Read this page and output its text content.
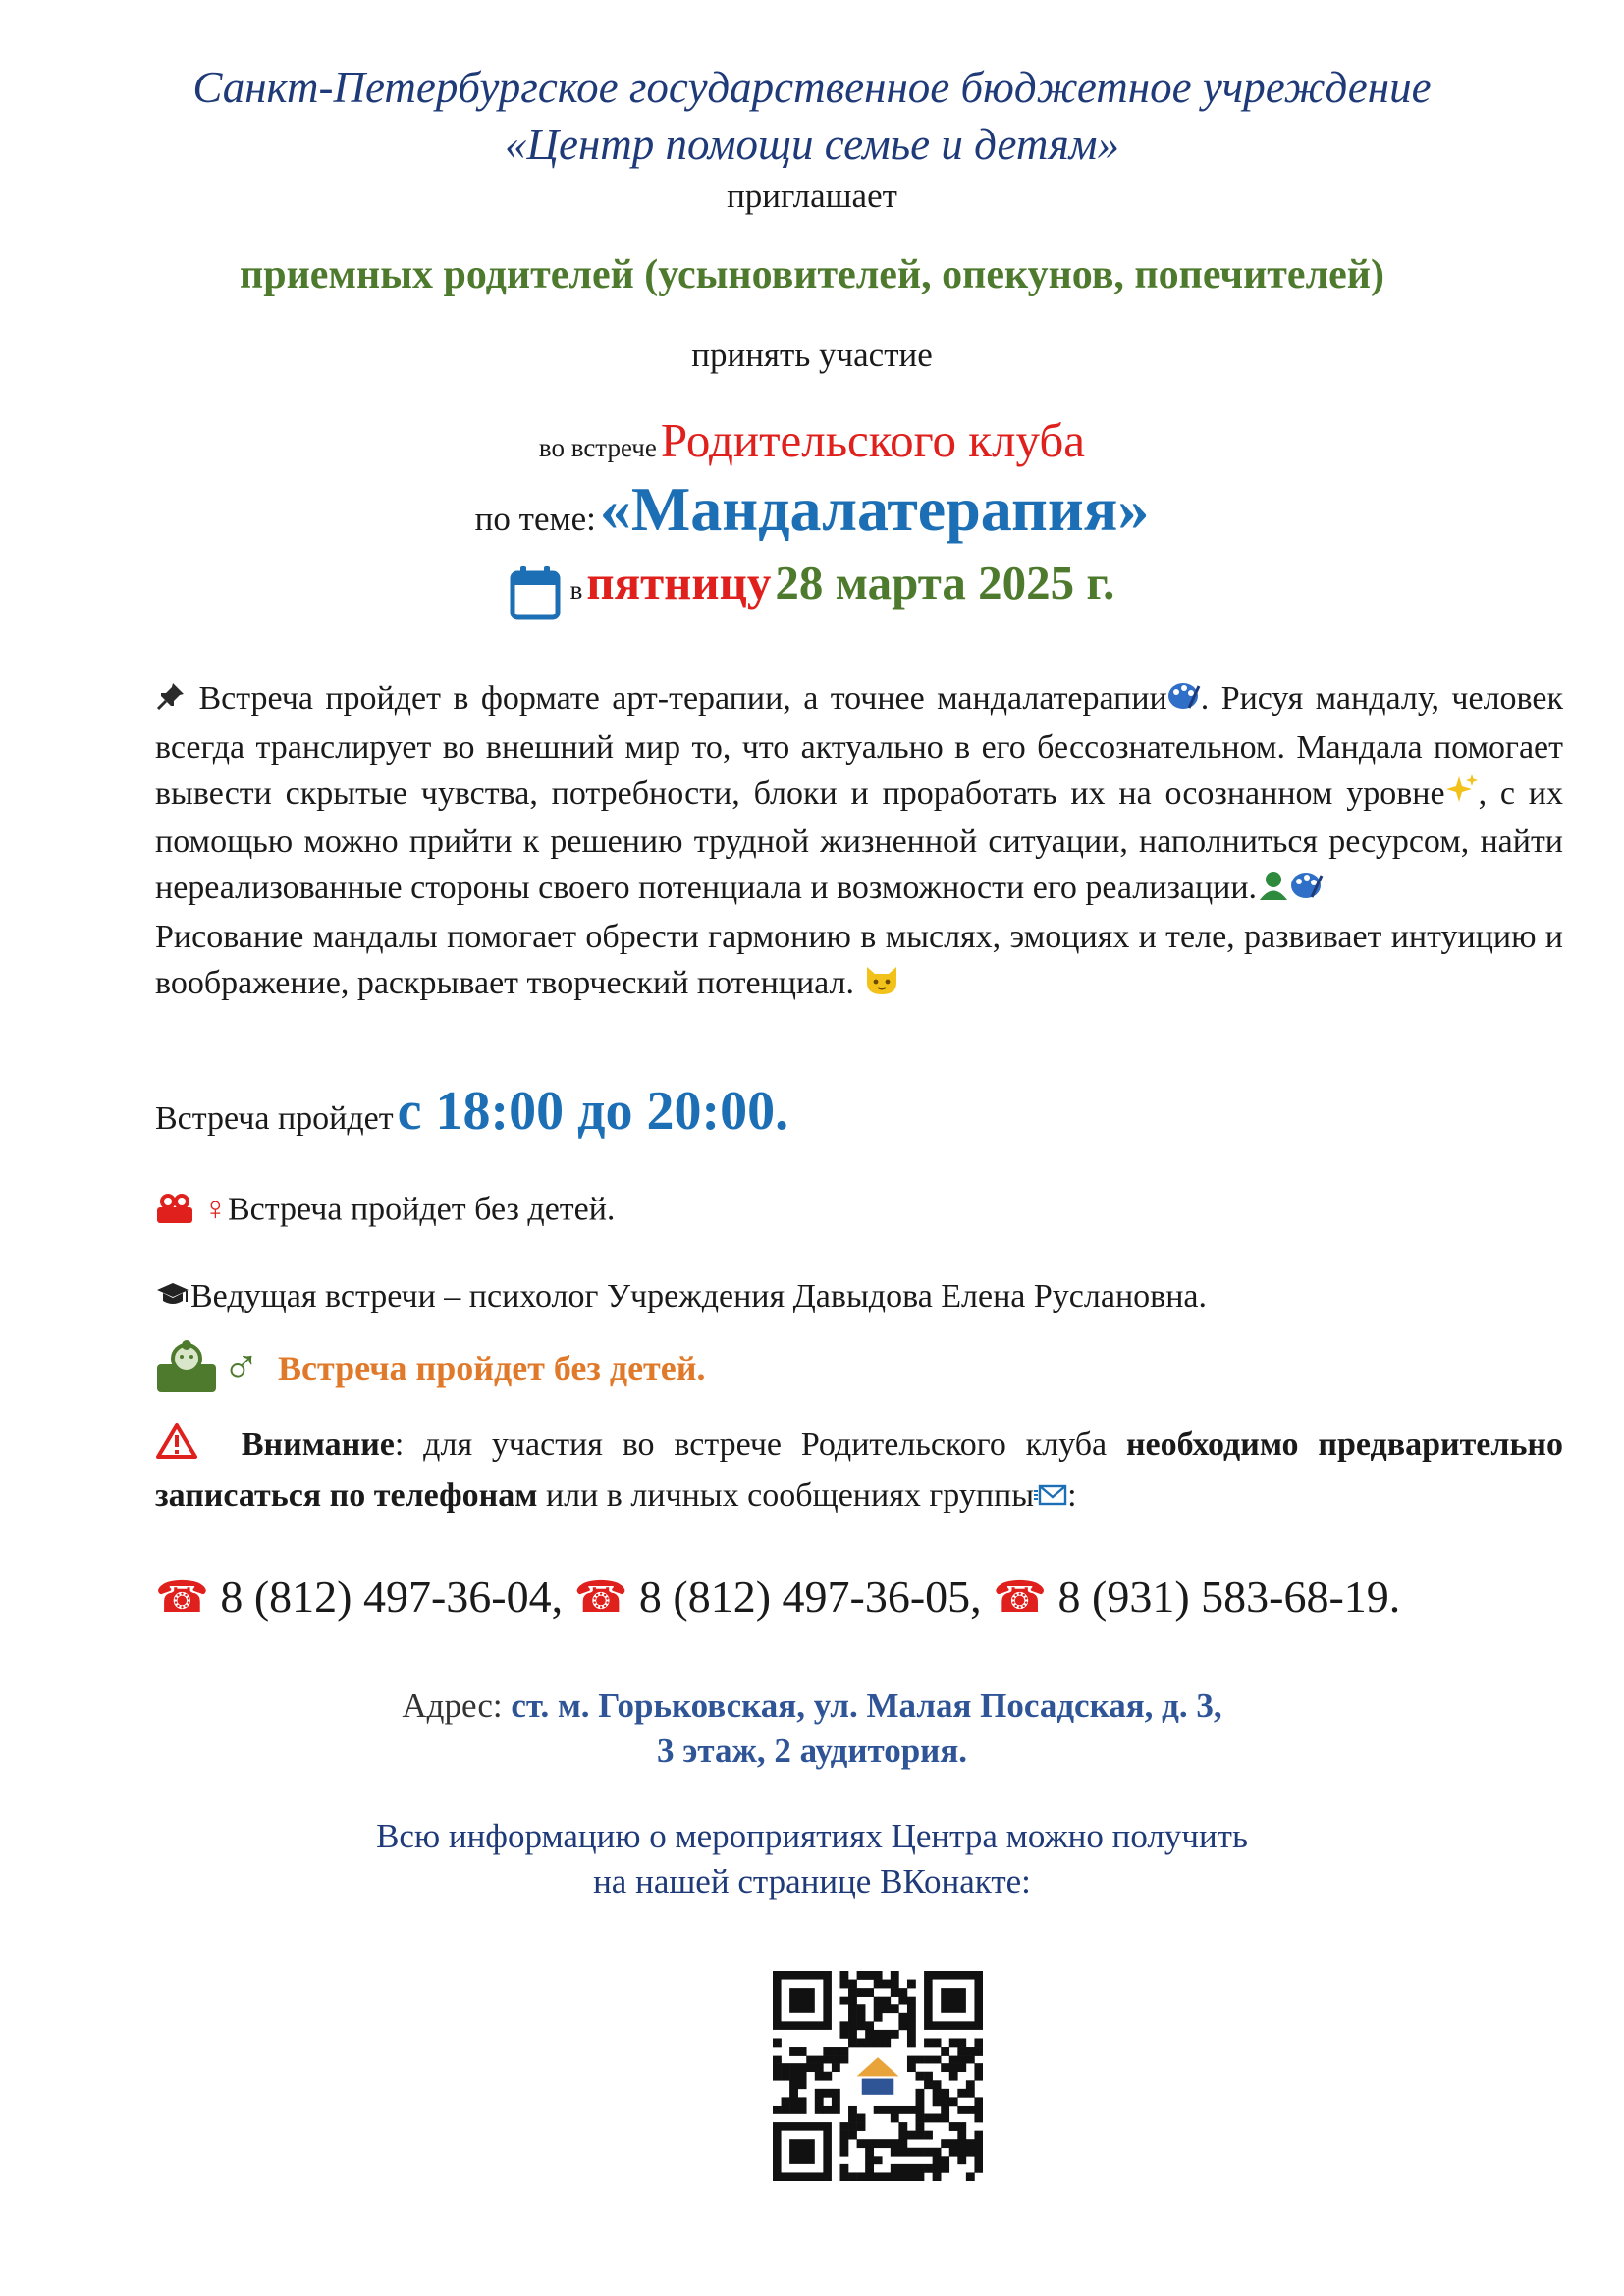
Санкт-Петербургское государственное бюджетное учреждение
«Центр помощи семье и детям»
приглашает
приемных родителей (усыновителей, опекунов, попечителей)
принять участие
во встрече Родительского клуба
по теме: «Мандалатерапия»
в пятницу 28 марта 2025 г.

Встреча пройдет в формате арт-терапии, а точнее мандалатерапии . Рисуя мандалу, человек всегда транслирует во внешний мир то, что актуально в его бессознательном. Мандала помогает вывести скрытые чувства, потребности, блоки и проработать их на осознанном уровне , с их помощью можно прийти к решению трудной жизненной ситуации, наполниться ресурсом, найти нереализованные стороны своего потенциала и возможности его реализации.

Рисование мандалы помогает обрести гармонию в мыслях, эмоциях и теле, развивает интуицию и воображение, раскрывает творческий потенциал.

Встреча пройдет с 18:00 до 20:00.
♀Встреча пройдет без детей.
Ведущая встречи – психолог Учреждения Давыдова Елена Руслановна.
♂ Встреча пройдет без детей.
Внимание: для участия во встрече Родительского клуба необходимо предварительно записаться по телефонам или в личных сообщениях группы :
☎ 8 (812) 497-36-04, ☎ 8 (812) 497-36-05, ☎ 8 (931) 583-68-19.
Адрес: ст. м. Горьковская, ул. Малая Посадская, д. 3,
3 этаж, 2 аудитория.
Всю информацию о мероприятиях Центра можно получить
на нашей странице ВКонакте:
